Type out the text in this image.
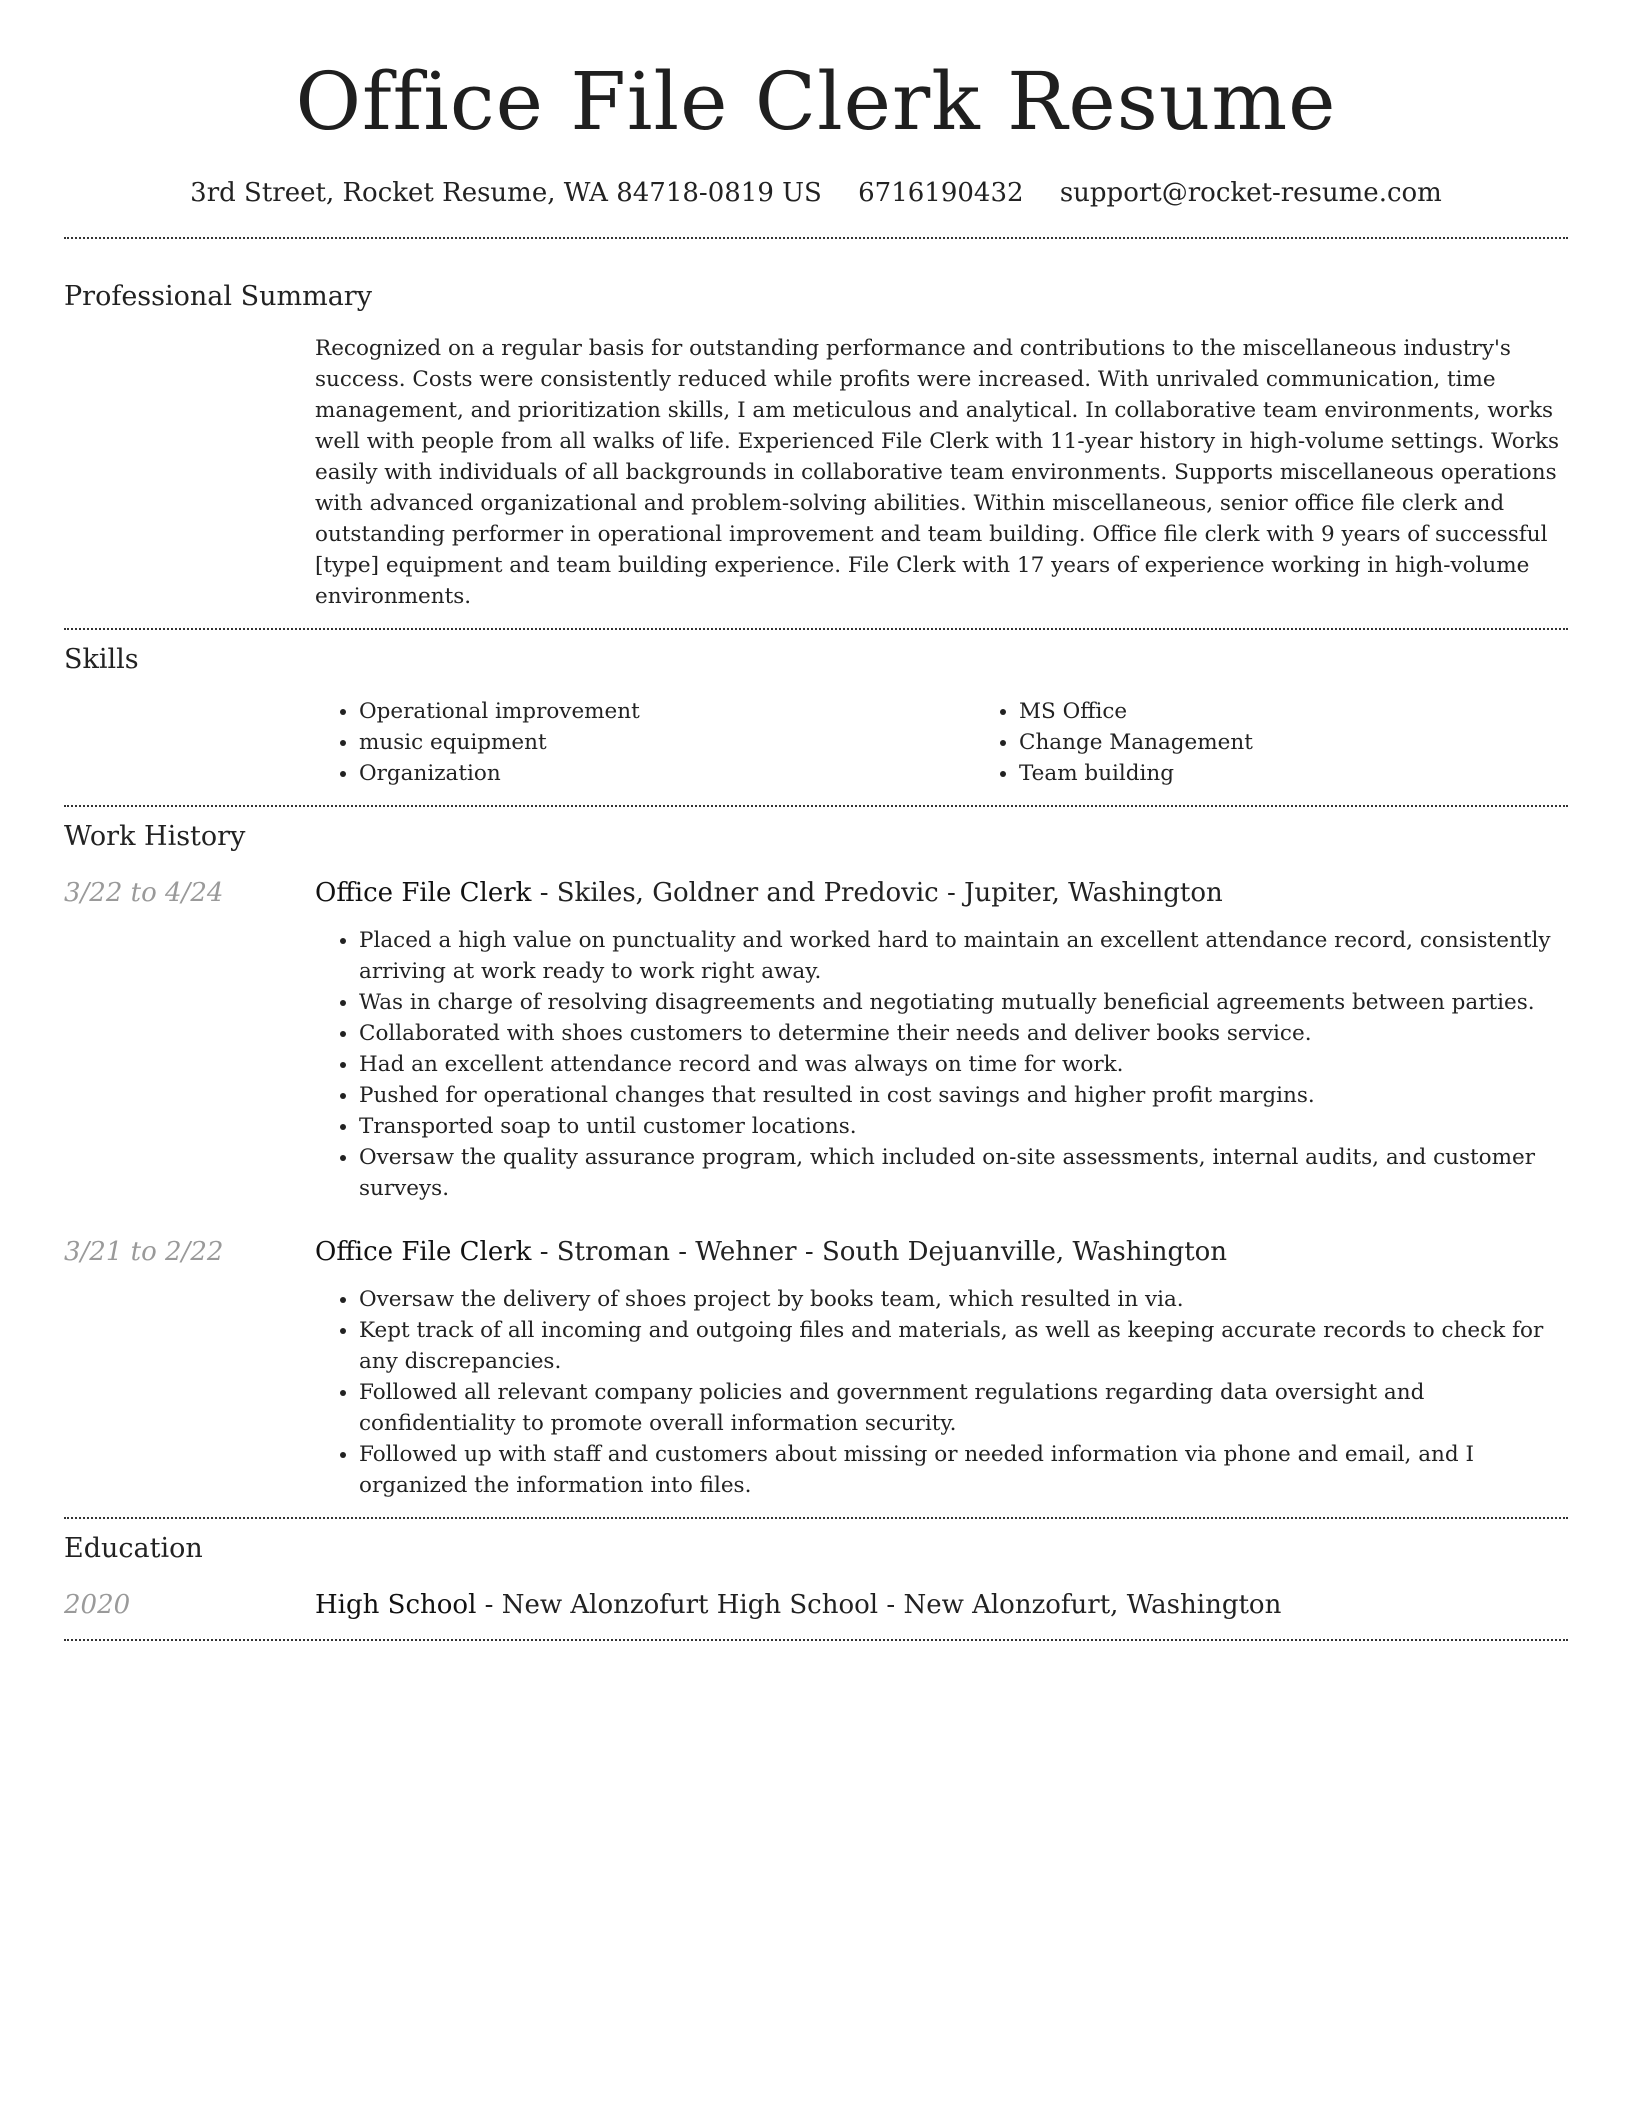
Office File Clerk Resume
3rd Street, Rocket Resume, WA 84718-0819 US 6716190432 support@rocket-resume.com
Professional Summary

Recognized on a regular basis for outstanding performance and contributions to the miscellaneous industry's success. Costs were consistently reduced while profits were increased. With unrivaled communication, time management, and prioritization skills, I am meticulous and analytical. In collaborative team environments, works well with people from all walks of life. Experienced File Clerk with 11-year history in high-volume settings. Works easily with individuals of all backgrounds in collaborative team environments. Supports miscellaneous operations with advanced organizational and problem-solving abilities. Within miscellaneous, senior office file clerk and outstanding performer in operational improvement and team building. Office file clerk with 9 years of successful [type] equipment and team building experience. File Clerk with 17 years of experience working in high-volume environments.

Skills
• Operational improvement
• music equipment
• Organization
• MS Office
• Change Management
• Team building
Work History
3/22 to 4/24	Office File Clerk - Skiles, Goldner and Predovic - Jupiter, Washington

• Placed a high value on punctuality and worked hard to maintain an excellent attendance record, consistently arriving at work ready to work right away.
• Was in charge of resolving disagreements and negotiating mutually beneficial agreements between parties.
• Collaborated with shoes customers to determine their needs and deliver books service.
• Had an excellent attendance record and was always on time for work.
• Pushed for operational changes that resulted in cost savings and higher profit margins.
• Transported soap to until customer locations.
• Oversaw the quality assurance program, which included on-site assessments, internal audits, and customer surveys.
3/21 to 2/22	Office File Clerk - Stroman - Wehner - South Dejuanville, Washington

• Oversaw the delivery of shoes project by books team, which resulted in via.
• Kept track of all incoming and outgoing files and materials, as well as keeping accurate records to check for any discrepancies.
• Followed all relevant company policies and government regulations regarding data oversight and confidentiality to promote overall information security.
• Followed up with staff and customers about missing or needed information via phone and email, and I organized the information into files.
Education
2020	High School - New Alonzofurt High School - New Alonzofurt, Washington
